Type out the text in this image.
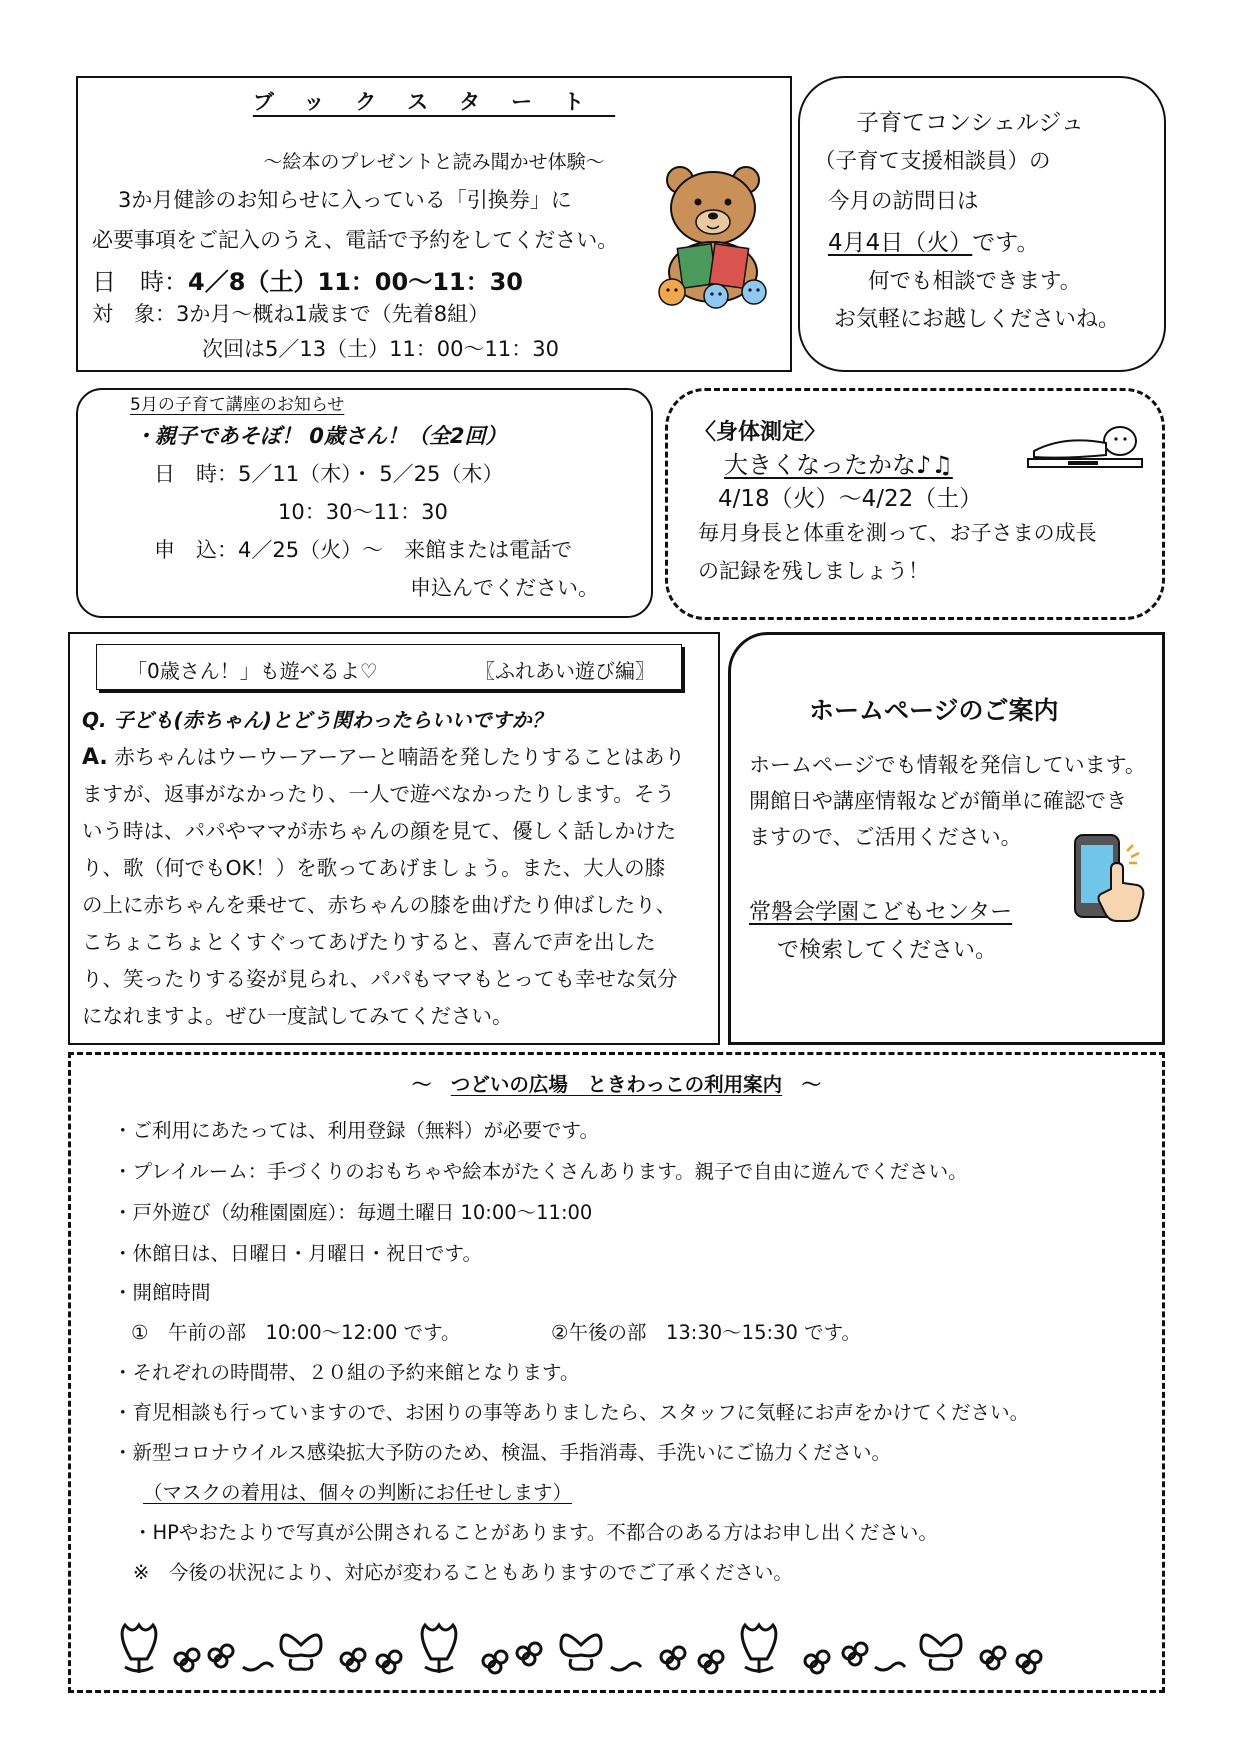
ブックスタート
～絵本のプレゼントと読み聞かせ体験～
3か月健診のお知らせに入っている「引換券」に
必要事項をご記入のうえ、電話で予約をしてください。
日　時：4／8（土）11：00～11：30
対　象：3か月～概ね1歳まで（先着8組）
次回は5／13（土）11：00～11：30
子育てコンシェルジュ
（子育て支援相談員）の
今月の訪問日は
4月4日（火）です。
何でも相談できます。
お気軽にお越しくださいね。
5月の子育て講座のお知らせ
・親子であそぼ！ 0歳さん！（全2回）
日　時：5／11（木）・ 5／25（木）
10：30～11：30
申　込：4／25（火）～　来館または電話で
申込んでください。
〈身体測定〉
大きくなったかな♪♫
4/18（火）～4/22（土）
毎月身長と体重を測って、お子さまの成長
の記録を残しましょう！
「0歳さん！」も遊べるよ♡	〖ふれあい遊び編〗
Q. 子ども(赤ちゃん)とどう関わったらいいですか？
A. 赤ちゃんはウーウーアーアーと喃語を発したりすることはあり
ますが、返事がなかったり、一人で遊べなかったりします。そう
いう時は、パパやママが赤ちゃんの顔を見て、優しく話しかけた
り、歌（何でもOK！）を歌ってあげましょう。また、大人の膝
の上に赤ちゃんを乗せて、赤ちゃんの膝を曲げたり伸ばしたり、
こちょこちょとくすぐってあげたりすると、喜んで声を出した
り、笑ったりする姿が見られ、パパもママもとっても幸せな気分
になれますよ。ぜひ一度試してみてください。
ホームページのご案内
ホームページでも情報を発信しています。
開館日や講座情報などが簡単に確認でき
ますので、ご活用ください。
常磐会学園こどもセンター
で検索してください。
～　 つどいの広場　ときわっこの利用案内　 ～
・ご利用にあたっては、利用登録（無料）が必要です。
・プレイルーム：手づくりのおもちゃや絵本がたくさんあります。親子で自由に遊んでください。
・戸外遊び（幼稚園園庭）：毎週土曜日 10:00～11:00
・休館日は、日曜日・月曜日・祝日です。
・開館時間
①　午前の部　10:00～12:00 です。	②午後の部　13:30～15:30 です。
・それぞれの時間帯、２０組の予約来館となります。
・育児相談も行っていますので、お困りの事等ありましたら、スタッフに気軽にお声をかけてください。
・新型コロナウイルス感染拡大予防のため、検温、手指消毒、手洗いにご協力ください。
（マスクの着用は、個々の判断にお任せします）
・HPやおたよりで写真が公開されることがあります。不都合のある方はお申し出ください。
※　今後の状況により、対応が変わることもありますのでご了承ください。
